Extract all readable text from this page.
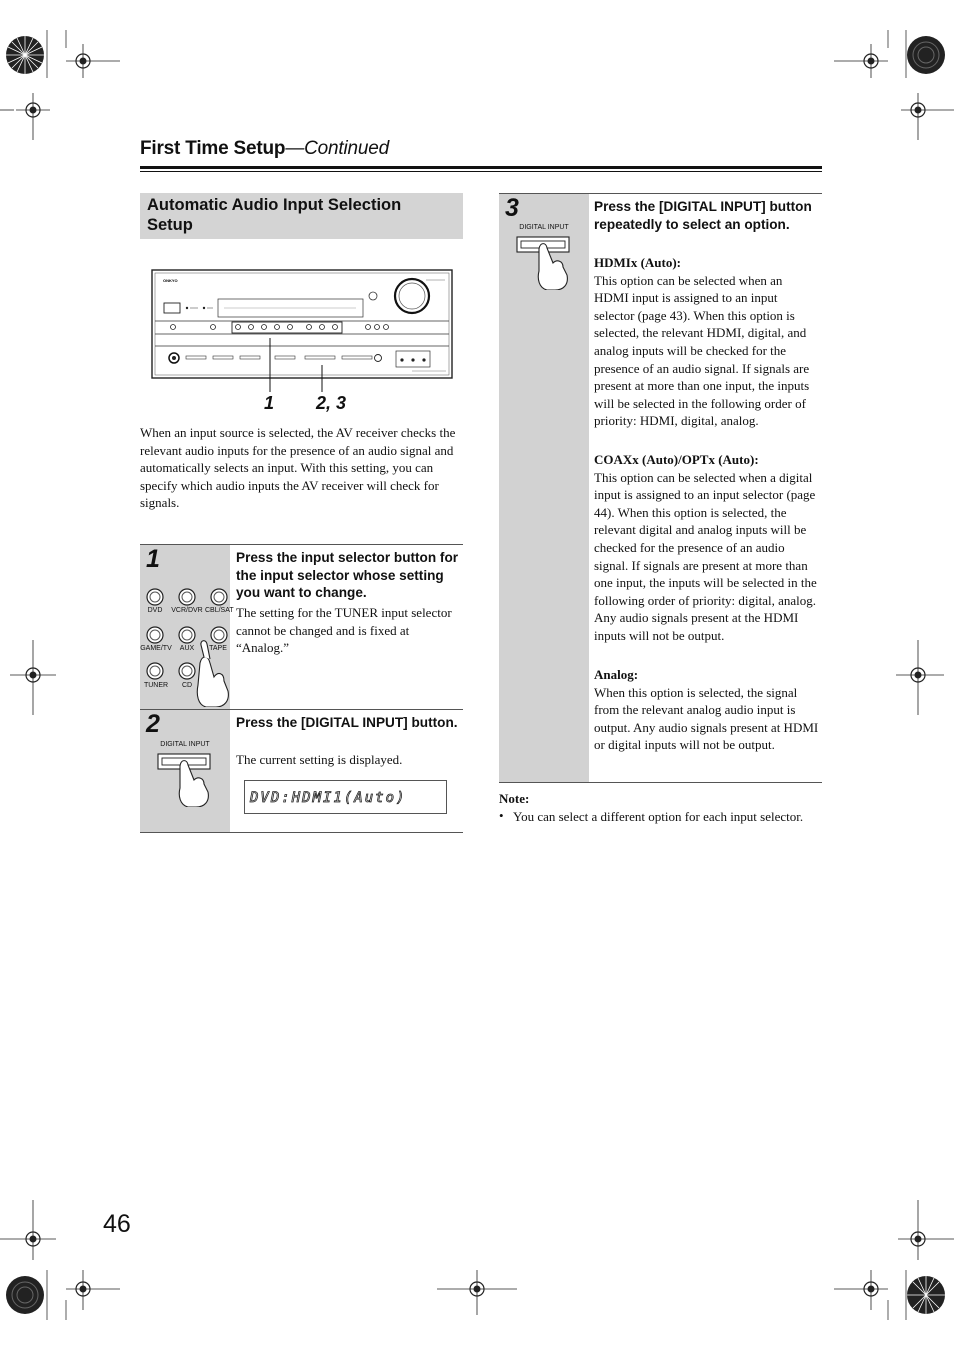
First Time Setup—Continued
Automatic Audio Input Selection Setup
ONKYO
1 2, 3
When an input source is selected, the AV receiver checks the relevant audio inputs for the presence of an audio signal and automatically selects an input. With this setting, you can specify which audio inputs the AV receiver will check for signals.
1
DVD	VCR/DVR CBL/SAT
GAME/TV	AUX	TAPE
TUNER	CD
Press the input selector button for the input selector whose setting you want to change.
The setting for the TUNER input selector cannot be changed and is fixed at “Analog.”
2
DIGITAL INPUT
Press the [DIGITAL INPUT] button.
The current setting is displayed.
DVD:HDMI1(Auto)
3
DIGITAL INPUT
Press the [DIGITAL INPUT] button repeatedly to select an option.
HDMIx (Auto):
This option can be selected when an HDMI input is assigned to an input selector (page 43). When this option is selected, the relevant HDMI, digital, and analog inputs will be checked for the presence of an audio signal. If signals are present at more than one input, the inputs will be selected in the following order of priority: HDMI, digital, analog.
COAXx (Auto)/OPTx (Auto):
This option can be selected when a digital input is assigned to an input selector (page 44). When this option is selected, the relevant digital and analog inputs will be checked for the presence of an audio signal. If signals are present at more than one input, the inputs will be selected in the following order of priority: digital, analog. Any audio signals present at the HDMI inputs will not be output.
Analog:
When this option is selected, the signal from the relevant analog audio input is output. Any audio signals present at HDMI or digital inputs will not be output.
Note:
• You can select a different option for each input selector.
46
